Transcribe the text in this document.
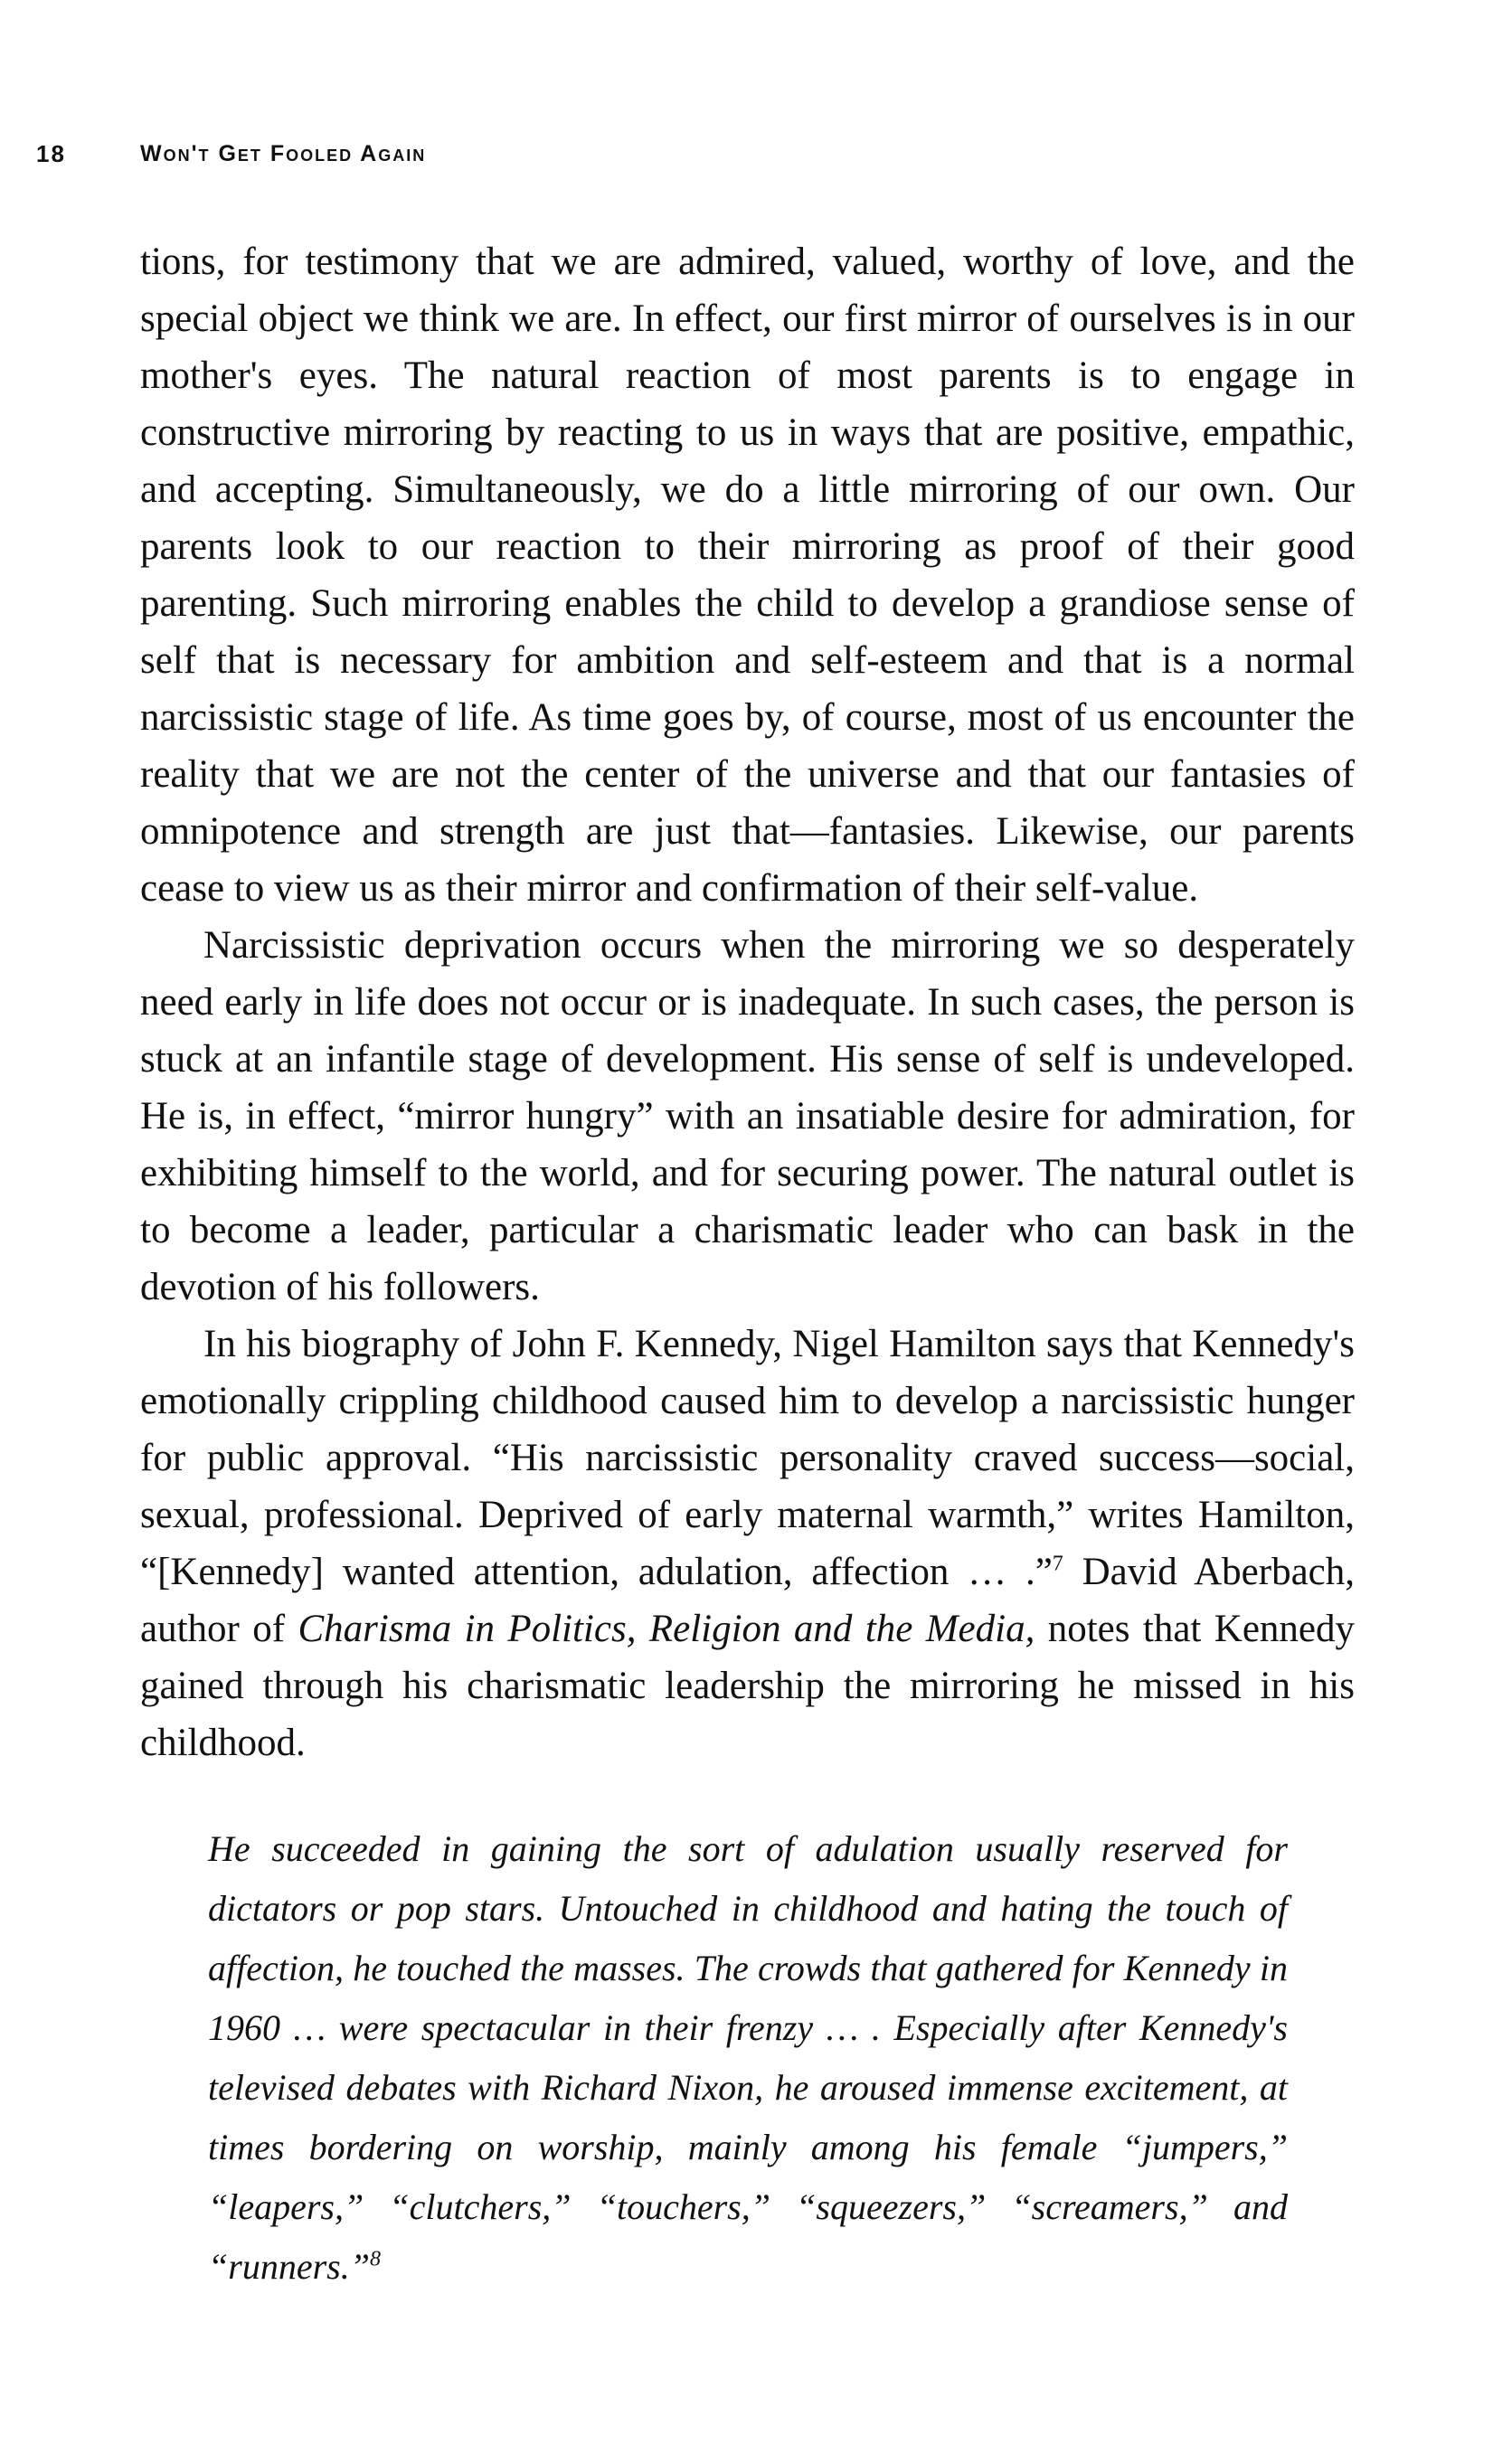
18	Won't Get Fooled Again

tions, for testimony that we are admired, valued, worthy of love, and the special object we think we are. In effect, our first mirror of ourselves is in our mother's eyes. The natural reaction of most parents is to engage in constructive mirroring by reacting to us in ways that are positive, empathic, and accepting. Simultaneously, we do a little mirroring of our own. Our parents look to our reaction to their mirroring as proof of their good parenting. Such mirroring enables the child to develop a grandiose sense of self that is necessary for ambition and self-esteem and that is a normal narcissistic stage of life. As time goes by, of course, most of us encounter the reality that we are not the center of the universe and that our fantasies of omnipotence and strength are just that—fantasies. Likewise, our parents cease to view us as their mirror and confirmation of their self-value.

Narcissistic deprivation occurs when the mirroring we so desperately need early in life does not occur or is inadequate. In such cases, the person is stuck at an infantile stage of development. His sense of self is undeveloped. He is, in effect, “mirror hungry” with an insatiable desire for admiration, for exhibiting himself to the world, and for securing power. The natural outlet is to become a leader, particular a charismatic leader who can bask in the devotion of his followers.

In his biography of John F. Kennedy, Nigel Hamilton says that Kennedy's emotionally crippling childhood caused him to develop a narcissistic hunger for public approval. “His narcissistic personality craved success—social, sexual, professional. Deprived of early maternal warmth,” writes Hamilton, “[Kennedy] wanted attention, adulation, affection … .”$^7$ David Aberbach, author of Charisma in Politics, Religion and the Media, notes that Kennedy gained through his charismatic leadership the mirroring he missed in his childhood.

He succeeded in gaining the sort of adulation usually reserved for dictators or pop stars. Untouched in childhood and hating the touch of affection, he touched the masses. The crowds that gathered for Kennedy in 1960 … were spectacular in their frenzy … . Especially after Kennedy's televised debates with Richard Nixon, he aroused immense excitement, at times bordering on worship, mainly among his female “jumpers,” “leapers,” “clutchers,” “touchers,” “squeezers,” “screamers,” and “runners.”$^8$
